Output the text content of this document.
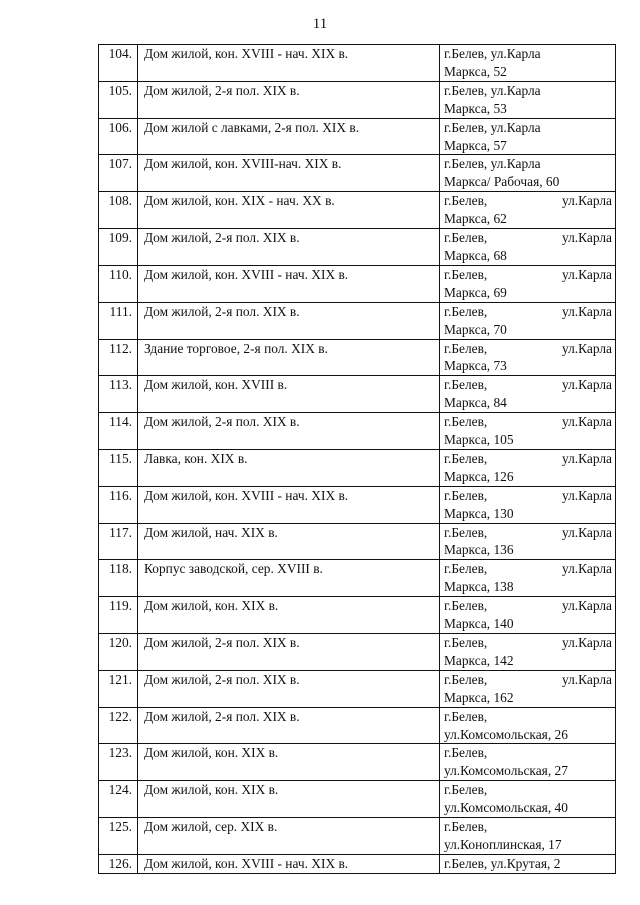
11
104.	Дом жилой, кон. XVIII - нач. XIX в.	г.Белев, ул.Карла
Маркса, 52

105.	Дом жилой, 2-я пол. XIX в.	г.Белев, ул.Карла
Маркса, 53

106.	Дом жилой с лавками, 2-я пол. XIX в.	г.Белев, ул.Карла
Маркса, 57

107.	Дом жилой, кон. XVIII-нач. XIX в.	г.Белев, ул.Карла
Маркса/ Рабочая, 60

108.	Дом жилой, кон. XIX - нач. XX в.	г.Белев, ул.Карла
Маркса, 62

109.	Дом жилой, 2-я пол. XIX в.	г.Белев, ул.Карла
Маркса, 68

110.	Дом жилой, кон. XVIII - нач. XIX в.	г.Белев, ул.Карла
Маркса, 69

111.	Дом жилой, 2-я пол. XIX в.	г.Белев, ул.Карла
Маркса, 70

112.	Здание торговое, 2-я пол. XIX в.	г.Белев, ул.Карла
Маркса, 73

113.	Дом жилой, кон. XVIII в.	г.Белев, ул.Карла
Маркса, 84

114.	Дом жилой, 2-я пол. XIX в.	г.Белев, ул.Карла
Маркса, 105

115.	Лавка, кон. XIX в.	г.Белев, ул.Карла
Маркса, 126

116.	Дом жилой, кон. XVIII - нач. XIX в.	г.Белев, ул.Карла
Маркса, 130

117.	Дом жилой, нач. XIX в.	г.Белев, ул.Карла
Маркса, 136

118.	Корпус заводской, сер. XVIII в.	г.Белев, ул.Карла
Маркса, 138

119.	Дом жилой, кон. XIX в.	г.Белев, ул.Карла
Маркса, 140

120.	Дом жилой, 2-я пол. XIX в.	г.Белев, ул.Карла
Маркса, 142

121.	Дом жилой, 2-я пол. XIX в.	г.Белев, ул.Карла
Маркса, 162

122.	Дом жилой, 2-я пол. XIX в.	г.Белев,
ул.Комсомольская, 26

123.	Дом жилой, кон. XIX в.	г.Белев,
ул.Комсомольская, 27

124.	Дом жилой, кон. XIX в.	г.Белев,
ул.Комсомольская, 40

125.	Дом жилой, сер. XIX в.	г.Белев,
ул.Коноплинская, 17

126.	Дом жилой, кон. XVIII - нач. XIX в.	г.Белев, ул.Крутая, 2
